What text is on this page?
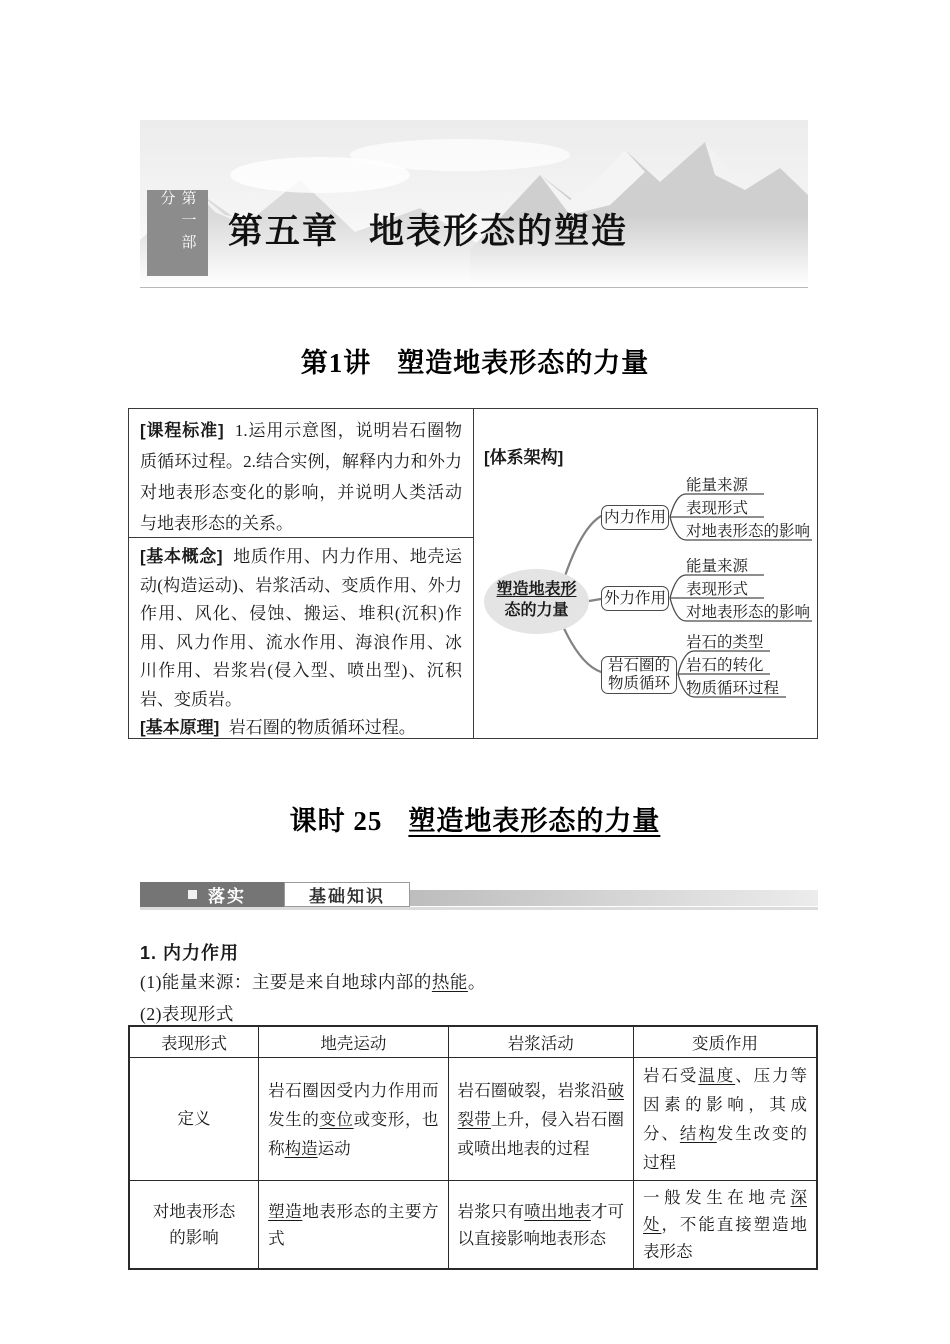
第一部分
第五章 地表形态的塑造
第1讲 塑造地表形态的力量
[课程标准] 1.运用示意图，说明岩石圈物质循环过程。2.结合实例，解释内力和外力对地表形态变化的影响，并说明人类活动与地表形态的关系。
[基本概念] 地质作用、内力作用、地壳运动(构造运动)、岩浆活动、变质作用、外力作用、风化、侵蚀、搬运、堆积(沉积)作用、风力作用、流水作用、海浪作用、冰川作用、岩浆岩(侵入型、喷出型)、沉积岩、变质岩。
[基本原理] 岩石圈的物质循环过程。
[体系架构]
塑造地表形
态的力量
内力作用
外力作用
岩石圈的
物质循环
能量来源
表现形式
对地表形态的影响
能量来源
表现形式
对地表形态的影响
岩石的类型
岩石的转化
物质循环过程
课时 25 塑造地表形态的力量
落实	基础知识
1. 内力作用
(1)能量来源：主要是来自地球内部的热能。
(2)表现形式
表现形式	地壳运动	岩浆活动	变质作用
定义	岩石圈因受内力作用而发生的变位或变形，也称构造运动	岩石圈破裂，岩浆沿破裂带上升，侵入岩石圈或喷出地表的过程	岩石受温度、压力等因素的影响，其成分、结构发生改变的过程
对地表形态
的影响	塑造地表形态的主要方式	岩浆只有喷出地表才可以直接影响地表形态	一般发生在地壳深处，不能直接塑造地表形态
